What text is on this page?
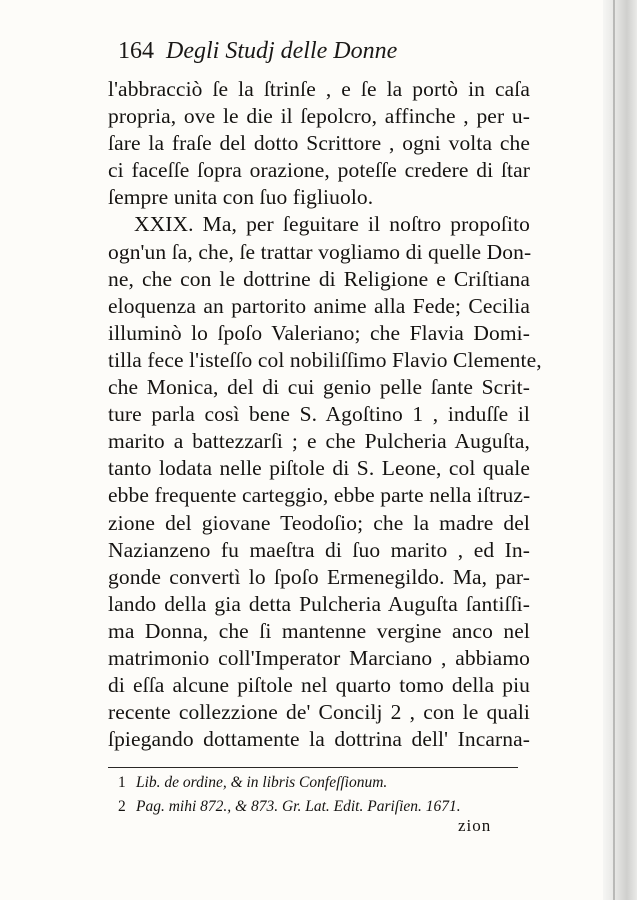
164 Degli Studj delle Donne
l'abbracciò ſe la ſtrinſe , e ſe la portò in caſa
propria, ove le die il ſepolcro, affinche , per u-
ſare la fraſe del dotto Scrittore , ogni volta che
ci faceſſe ſopra orazione, poteſſe credere di ſtar
ſempre unita con ſuo figliuolo.
XXIX. Ma, per ſeguitare il noſtro propoſito
ogn'un ſa, che, ſe trattar vogliamo di quelle Don-
ne, che con le dottrine di Religione e Criſtiana
eloquenza an partorito anime alla Fede; Cecilia
illuminò lo ſpoſo Valeriano; che Flavia Domi-
tilla fece l'isteſſo col nobiliſſimo Flavio Clemente,
che Monica, del di cui genio pelle ſante Scrit-
ture parla così bene S. Agoſtino 1 , induſſe il
marito a battezzarſi ; e che Pulcheria Auguſta,
tanto lodata nelle piſtole di S. Leone, col quale
ebbe frequente carteggio, ebbe parte nella iſtruz-
zione del giovane Teodoſio; che la madre del
Nazianzeno fu maeſtra di ſuo marito , ed In-
gonde convertì lo ſpoſo Ermenegildo. Ma, par-
lando della gia detta Pulcheria Auguſta ſantiſſi-
ma Donna, che ſi mantenne vergine anco nel
matrimonio coll'Imperator Marciano , abbiamo
di eſſa alcune piſtole nel quarto tomo della piu
recente collezzione de' Concilj 2 , con le quali
ſpiegando dottamente la dottrina dell' Incarna-
1 Lib. de ordine, & in libris Confeſſionum.
2 Pag. mihi 872., & 873. Gr. Lat. Edit. Pariſien. 1671.
zion
